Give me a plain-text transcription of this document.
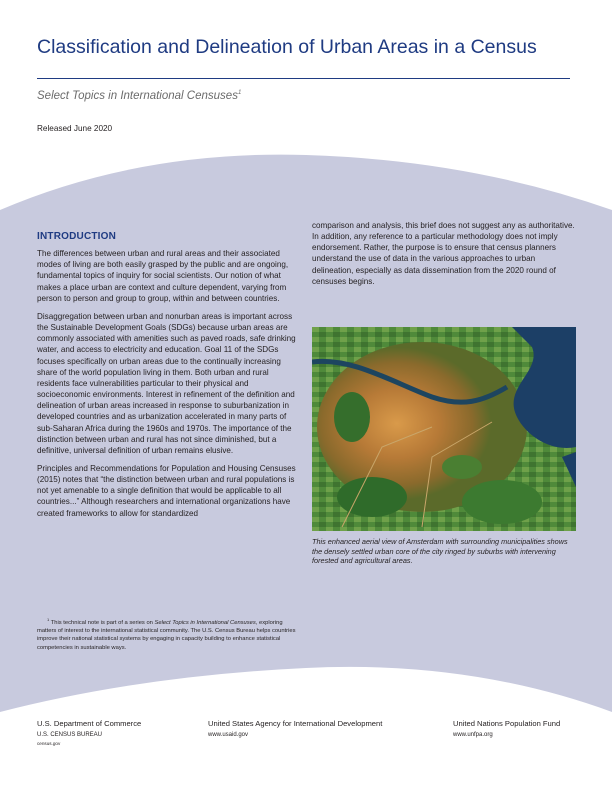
Classification and Delineation of Urban Areas in a Census
Select Topics in International Censuses$^1$
Released June 2020
INTRODUCTION

The differences between urban and rural areas and their associated modes of living are both easily grasped by the public and are ongoing, fundamental topics of inquiry for social scientists. Our notion of what makes a place urban are context and culture dependent, varying from person to person and group to group, within and between countries.

Disaggregation between urban and nonurban areas is important across the Sustainable Development Goals (SDGs) because urban areas are commonly associated with amenities such as paved roads, safe drinking water, and access to electricity and education. Goal 11 of the SDGs focuses specifically on urban areas due to the continually increasing share of the world population living in them. Both urban and rural residents face vulnerabilities particular to their physical and socioeconomic environments. Interest in refinement of the definition and delineation of urban areas increased in response to suburbanization in developed countries and as urbanization accelerated in many parts of sub-Saharan Africa during the 1960s and 1970s. The importance of the distinction between urban and rural has not since diminished, but a definitive, universal definition of urban remains elusive.

Principles and Recommendations for Population and Housing Censuses (2015) notes that “the distinction between urban and rural populations is not yet amenable to a single definition that would be applicable to all countries...” Although researchers and international organizations have created frameworks to allow for standardized

comparison and analysis, this brief does not suggest any as authoritative. In addition, any reference to a particular methodology does not imply endorsement. Rather, the purpose is to ensure that census planners understand the use of data in the various approaches to urban delineation, especially as data dissemination from the 2020 round of censuses begins.

This enhanced aerial view of Amsterdam with surrounding municipalities shows the densely settled urban core of the city ringed by suburbs with intervening forested and agricultural areas.
$^1$ This technical note is part of a series on Select Topics in International Censuses, exploring matters of interest to the international statistical community. The U.S. Census Bureau helps countries improve their national statistical systems by engaging in capacity building to enhance statistical competencies in sustainable ways.
U.S. Department of Commerce
U.S. CENSUS BUREAU
census.gov
United States Agency for International Development
www.usaid.gov
United Nations Population Fund
www.unfpa.org
